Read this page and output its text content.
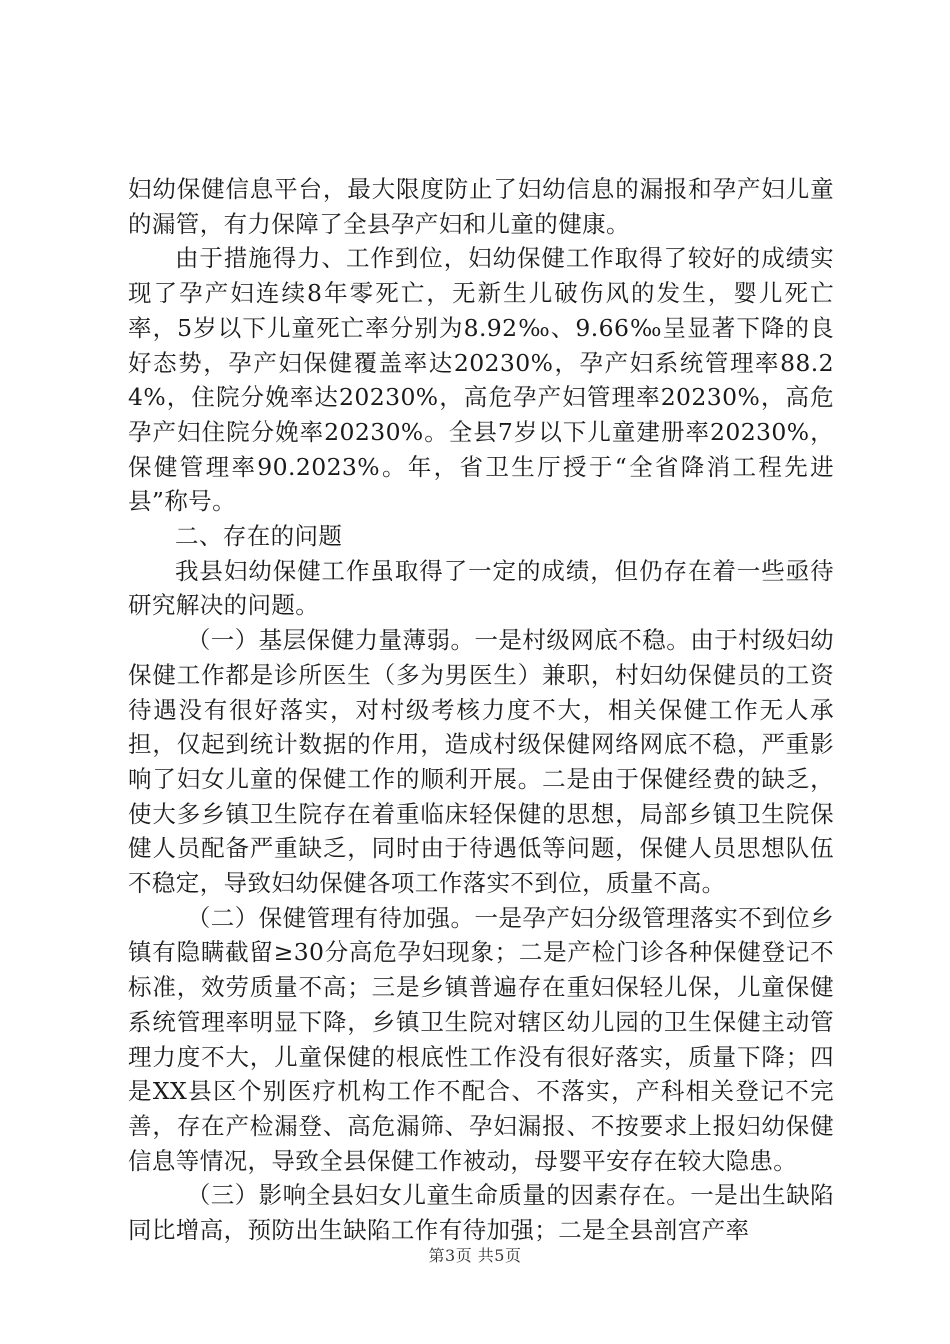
妇幼保健信息平台，最大限度防止了妇幼信息的漏报和孕产妇儿童的漏管，有力保障了全县孕产妇和儿童的健康。

由于措施得力、工作到位，妇幼保健工作取得了较好的成绩实现了孕产妇连续8年零死亡，无新生儿破伤风的发生，婴儿死亡率，5岁以下儿童死亡率分别为8.92‰、9.66‰呈显著下降的良好态势，孕产妇保健覆盖率达20230%，孕产妇系统管理率88.24%，住院分娩率达20230%，高危孕产妇管理率20230%，高危孕产妇住院分娩率20230%。全县7岁以下儿童建册率20230%，保健管理率90.2023%。年，省卫生厅授于“全省降消工程先进县”称号。

二、存在的问题

我县妇幼保健工作虽取得了一定的成绩，但仍存在着一些亟待研究解决的问题。

（一）基层保健力量薄弱。一是村级网底不稳。由于村级妇幼保健工作都是诊所医生（多为男医生）兼职，村妇幼保健员的工资待遇没有很好落实，对村级考核力度不大，相关保健工作无人承担，仅起到统计数据的作用，造成村级保健网络网底不稳，严重影响了妇女儿童的保健工作的顺利开展。二是由于保健经费的缺乏，使大多乡镇卫生院存在着重临床轻保健的思想，局部乡镇卫生院保健人员配备严重缺乏，同时由于待遇低等问题，保健人员思想队伍不稳定，导致妇幼保健各项工作落实不到位，质量不高。

（二）保健管理有待加强。一是孕产妇分级管理落实不到位乡镇有隐瞒截留≥30分高危孕妇现象；二是产检门诊各种保健登记不标准，效劳质量不高；三是乡镇普遍存在重妇保轻儿保，儿童保健系统管理率明显下降，乡镇卫生院对辖区幼儿园的卫生保健主动管理力度不大，儿童保健的根底性工作没有很好落实，质量下降；四是XX县区个别医疗机构工作不配合、不落实，产科相关登记不完善，存在产检漏登、高危漏筛、孕妇漏报、不按要求上报妇幼保健信息等情况，导致全县保健工作被动，母婴平安存在较大隐患。

（三）影响全县妇女儿童生命质量的因素存在。一是出生缺陷同比增高，预防出生缺陷工作有待加强；二是全县剖宫产率

第3页 共5页
